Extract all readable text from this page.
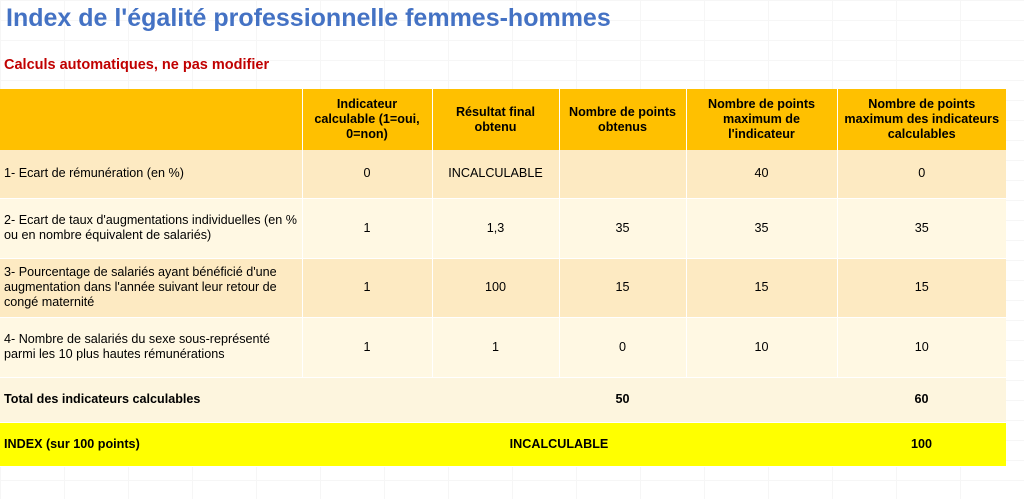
Index de l'égalité professionnelle femmes-hommes

Calculs automatiques, ne pas modifier

	Indicateur calculable (1=oui, 0=non)	Résultat final obtenu	Nombre de points obtenus	Nombre de points maximum de l'indicateur	Nombre de points maximum des indicateurs calculables
1- Ecart de rémunération (en %)	0	INCALCULABLE		40	0
2- Ecart de taux d'augmentations individuelles (en % ou en nombre équivalent de salariés)	1	1,3	35	35	35
3- Pourcentage de salariés ayant bénéficié d'une augmentation dans l'année suivant leur retour de congé maternité	1	100	15	15	15
4- Nombre de salariés du sexe sous-représenté parmi les 10 plus hautes rémunérations	1	1	0	10	10
Total des indicateurs calculables			50		60
INDEX (sur 100 points)		INCALCULABLE			100
